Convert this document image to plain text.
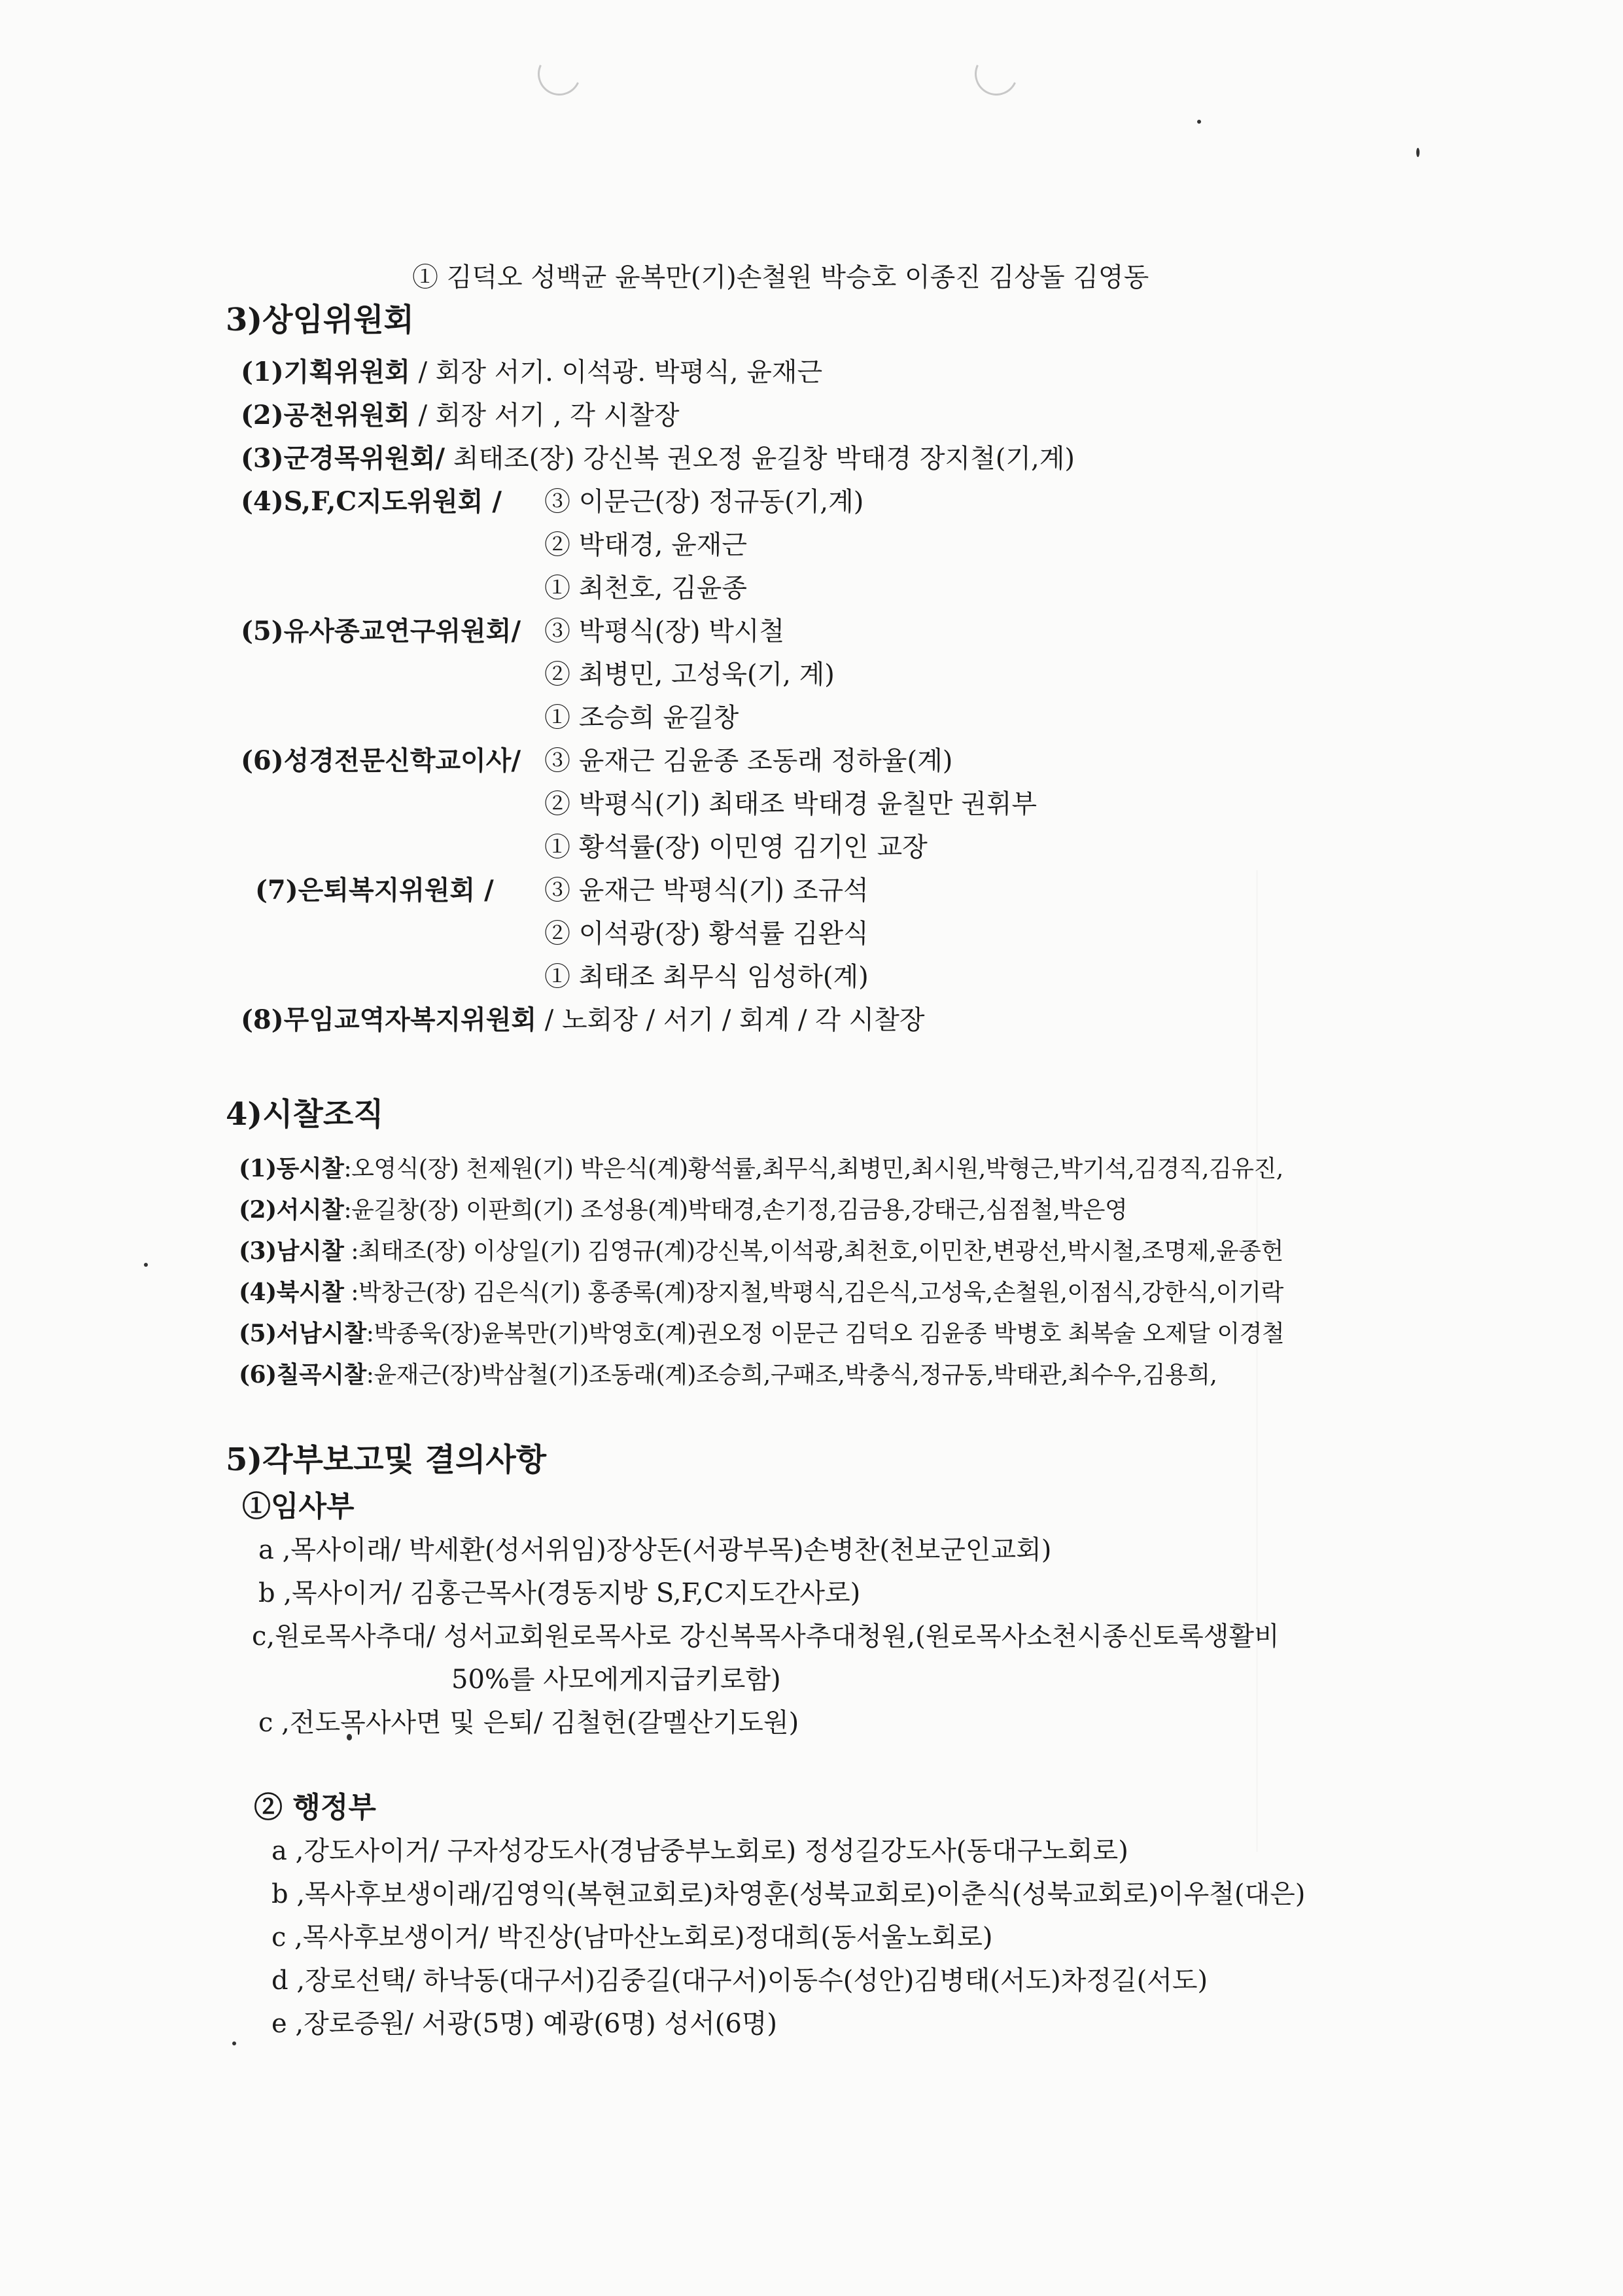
① 김덕오 성백균 윤복만(기)손철원 박승호 이종진 김상돌 김영동
3)상임위원회
(1)기획위원회 / 회장 서기. 이석광. 박평식, 윤재근
(2)공천위원회 / 회장 서기 , 각 시찰장
(3)군경목위원회/ 최태조(장) 강신복 권오정 윤길창 박태경 장지철(기,계)
(4)S,F,C지도위원회 / ③ 이문근(장) 정규동(기,계)
② 박태경, 윤재근
① 최천호, 김윤종
(5)유사종교연구위원회/ ③ 박평식(장) 박시철
② 최병민, 고성욱(기, 계)
① 조승희 윤길창
(6)성경전문신학교이사/ ③ 윤재근 김윤종 조동래 정하율(계)
② 박평식(기) 최태조 박태경 윤칠만 권휘부
① 황석률(장) 이민영 김기인 교장
(7)은퇴복지위원회 / ③ 윤재근 박평식(기) 조규석
② 이석광(장) 황석률 김완식
① 최태조 최무식 임성하(계)
(8)무임교역자복지위원회 / 노회장 / 서기 / 회계 / 각 시찰장
4)시찰조직
(1)동시찰:오영식(장) 천제원(기) 박은식(계)황석률,최무식,최병민,최시원,박형근,박기석,김경직,김유진,
(2)서시찰:윤길창(장) 이판희(기) 조성용(계)박태경,손기정,김금용,강태근,심점철,박은영
(3)남시찰 :최태조(장) 이상일(기) 김영규(계)강신복,이석광,최천호,이민찬,변광선,박시철,조명제,윤종헌
(4)북시찰 :박창근(장) 김은식(기) 홍종록(계)장지철,박평식,김은식,고성욱,손철원,이점식,강한식,이기락
(5)서남시찰:박종욱(장)윤복만(기)박영호(계)권오정 이문근 김덕오 김윤종 박병호 최복술 오제달 이경철
(6)칠곡시찰:윤재근(장)박삼철(기)조동래(계)조승희,구패조,박충식,정규동,박태관,최수우,김용희,
5)각부보고및 결의사항
①임사부
a ,목사이래/ 박세환(성서위임)장상돈(서광부목)손병찬(천보군인교회)
b ,목사이거/ 김홍근목사(경동지방 S,F,C지도간사로)
c,원로목사추대/ 성서교회원로목사로 강신복목사추대청원,(원로목사소천시종신토록생활비
50%를 사모에게지급키로함)
c ,전도목사사면 및 은퇴/ 김철헌(갈멜산기도원)
② 행정부
a ,강도사이거/ 구자성강도사(경남중부노회로) 정성길강도사(동대구노회로)
b ,목사후보생이래/김영익(복현교회로)차영훈(성북교회로)이춘식(성북교회로)이우철(대은)
c ,목사후보생이거/ 박진상(남마산노회로)정대희(동서울노회로)
d ,장로선택/ 하낙동(대구서)김중길(대구서)이동수(성안)김병태(서도)차정길(서도)
e ,장로증원/ 서광(5명) 예광(6명) 성서(6명)
